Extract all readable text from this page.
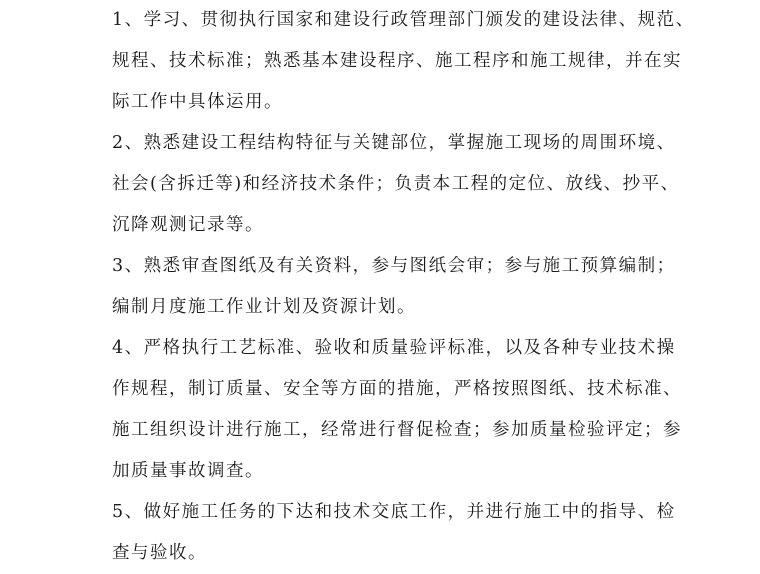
1、学习、贯彻执行国家和建设行政管理部门颁发的建设法律、规范、
规程、技术标准；熟悉基本建设程序、施工程序和施工规律，并在实
际工作中具体运用。

2、熟悉建设工程结构特征与关键部位，掌握施工现场的周围环境、
社会(含拆迁等)和经济技术条件；负责本工程的定位、放线、抄平、
沉降观测记录等。

3、熟悉审查图纸及有关资料，参与图纸会审；参与施工预算编制；
编制月度施工作业计划及资源计划。

4、严格执行工艺标准、验收和质量验评标准，以及各种专业技术操
作规程，制订质量、安全等方面的措施，严格按照图纸、技术标准、
施工组织设计进行施工，经常进行督促检查；参加质量检验评定；参
加质量事故调查。

5、做好施工任务的下达和技术交底工作，并进行施工中的指导、检
查与验收。
